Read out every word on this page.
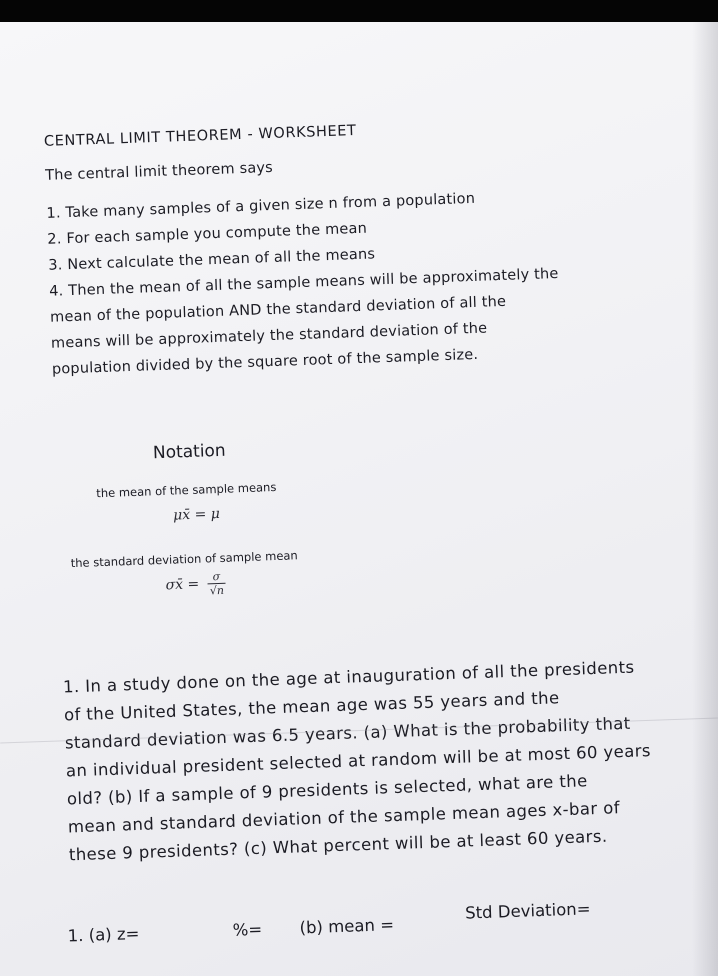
CENTRAL LIMIT THEOREM - WORKSHEET
The central limit theorem says
1. Take many samples of a given size n from a population
2. For each sample you compute the mean
3. Next calculate the mean of all the means
4. Then the mean of all the sample means will be approximately the
mean of the population AND the standard deviation of all the
means will be approximately the standard deviation of the
population divided by the square root of the sample size.
Notation
the mean of the sample means
μx̄ = μ
the standard deviation of sample mean
σx̄ = $\frac{\sigma}{√n}$
1. In a study done on the age at inauguration of all the presidents
of the United States, the mean age was 55 years and the
standard deviation was 6.5 years. (a) What is the probability that
an individual president selected at random will be at most 60 years
old? (b) If a sample of 9 presidents is selected, what are the
mean and standard deviation of the sample mean ages x-bar of
these 9 presidents? (c) What percent will be at least 60 years.
1. (a) z=	%= (b) mean =
Std Deviation=
